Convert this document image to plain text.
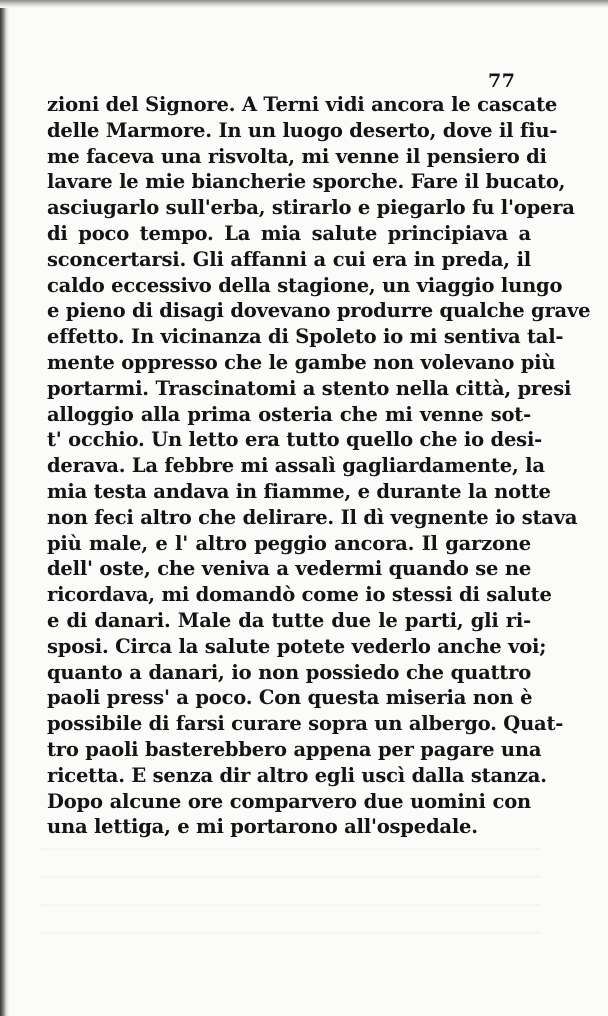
77
zioni del Signore. A Terni vidi ancora le cascate
delle Marmore. In un luogo deserto, dove il fiu-
me faceva una risvolta, mi venne il pensiero di
lavare le mie biancherie sporche. Fare il bucato,
asciugarlo sull'erba, stirarlo e piegarlo fu l'opera
di poco tempo. La mia salute principiava a
sconcertarsi. Gli affanni a cui era in preda, il
caldo eccessivo della stagione, un viaggio lungo
e pieno di disagi dovevano produrre qualche grave
effetto. In vicinanza di Spoleto io mi sentiva tal-
mente oppresso che le gambe non volevano più
portarmi. Trascinatomi a stento nella città, presi
alloggio alla prima osteria che mi venne sot-
t' occhio. Un letto era tutto quello che io desi-
derava. La febbre mi assalì gagliardamente, la
mia testa andava in fiamme, e durante la notte
non feci altro che delirare. Il dì vegnente io stava
più male, e l' altro peggio ancora. Il garzone
dell' oste, che veniva a vedermi quando se ne
ricordava, mi domandò come io stessi di salute
e di danari. Male da tutte due le parti, gli ri-
sposi. Circa la salute potete vederlo anche voi;
quanto a danari, io non possiedo che quattro
paoli press' a poco. Con questa miseria non è
possibile di farsi curare sopra un albergo. Quat-
tro paoli basterebbero appena per pagare una
ricetta. E senza dir altro egli uscì dalla stanza.
Dopo alcune ore comparvero due uomini con
una lettiga, e mi portarono all'ospedale.
